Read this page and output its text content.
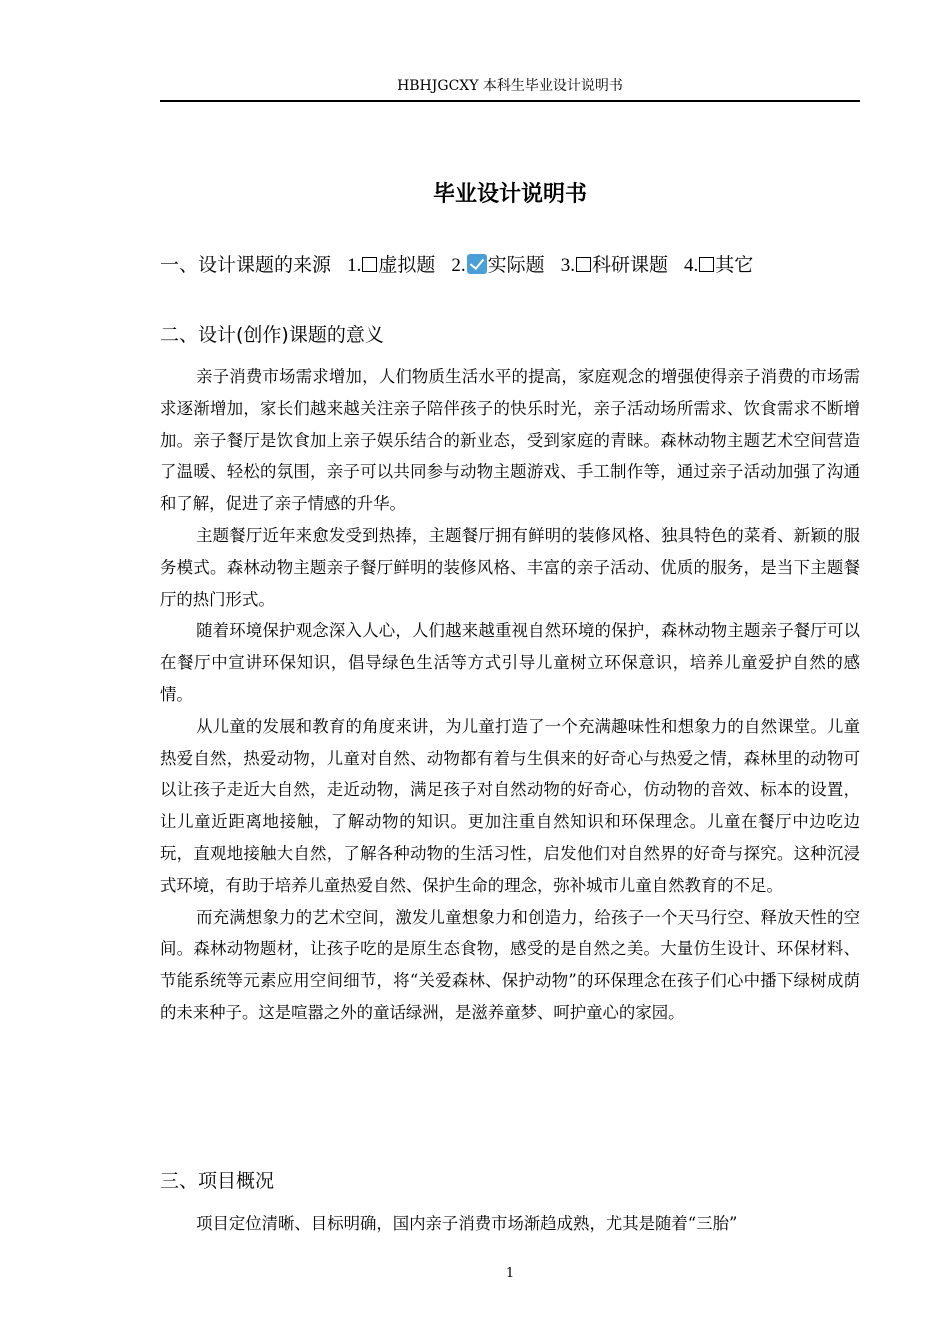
HBHJGCXY 本科生毕业设计说明书
毕业设计说明书
一、设计课题的来源 1. 虚拟题 2. 实际题 3. 科研课题 4. 其它
二、设计(创作)课题的意义

亲子消费市场需求增加，人们物质生活水平的提高，家庭观念的增强使得亲子消费的市场需求逐渐增加，家长们越来越关注亲子陪伴孩子的快乐时光，亲子活动场所需求、饮食需求不断增加。亲子餐厅是饮食加上亲子娱乐结合的新业态，受到家庭的青睐。森林动物主题艺术空间营造了温暖、轻松的氛围，亲子可以共同参与动物主题游戏、手工制作等，通过亲子活动加强了沟通和了解，促进了亲子情感的升华。

主题餐厅近年来愈发受到热捧，主题餐厅拥有鲜明的装修风格、独具特色的菜肴、新颖的服务模式。森林动物主题亲子餐厅鲜明的装修风格、丰富的亲子活动、优质的服务，是当下主题餐厅的热门形式。

随着环境保护观念深入人心，人们越来越重视自然环境的保护，森林动物主题亲子餐厅可以在餐厅中宣讲环保知识，倡导绿色生活等方式引导儿童树立环保意识，培养儿童爱护自然的感情。

从儿童的发展和教育的角度来讲，为儿童打造了一个充满趣味性和想象力的自然课堂。儿童热爱自然，热爱动物，儿童对自然、动物都有着与生俱来的好奇心与热爱之情，森林里的动物可以让孩子走近大自然，走近动物，满足孩子对自然动物的好奇心，仿动物的音效、标本的设置，让儿童近距离地接触，了解动物的知识。更加注重自然知识和环保理念。儿童在餐厅中边吃边玩，直观地接触大自然，了解各种动物的生活习性，启发他们对自然界的好奇与探究。这种沉浸式环境，有助于培养儿童热爱自然、保护生命的理念，弥补城市儿童自然教育的不足。

而充满想象力的艺术空间，激发儿童想象力和创造力，给孩子一个天马行空、释放天性的空间。森林动物题材，让孩子吃的是原生态食物，感受的是自然之美。大量仿生设计、环保材料、节能系统等元素应用空间细节，将“关爱森林、保护动物”的环保理念在孩子们心中播下绿树成荫的未来种子。这是喧嚣之外的童话绿洲，是滋养童梦、呵护童心的家园。

三、项目概况

项目定位清晰、目标明确，国内亲子消费市场渐趋成熟，尤其是随着“三胎”

1
